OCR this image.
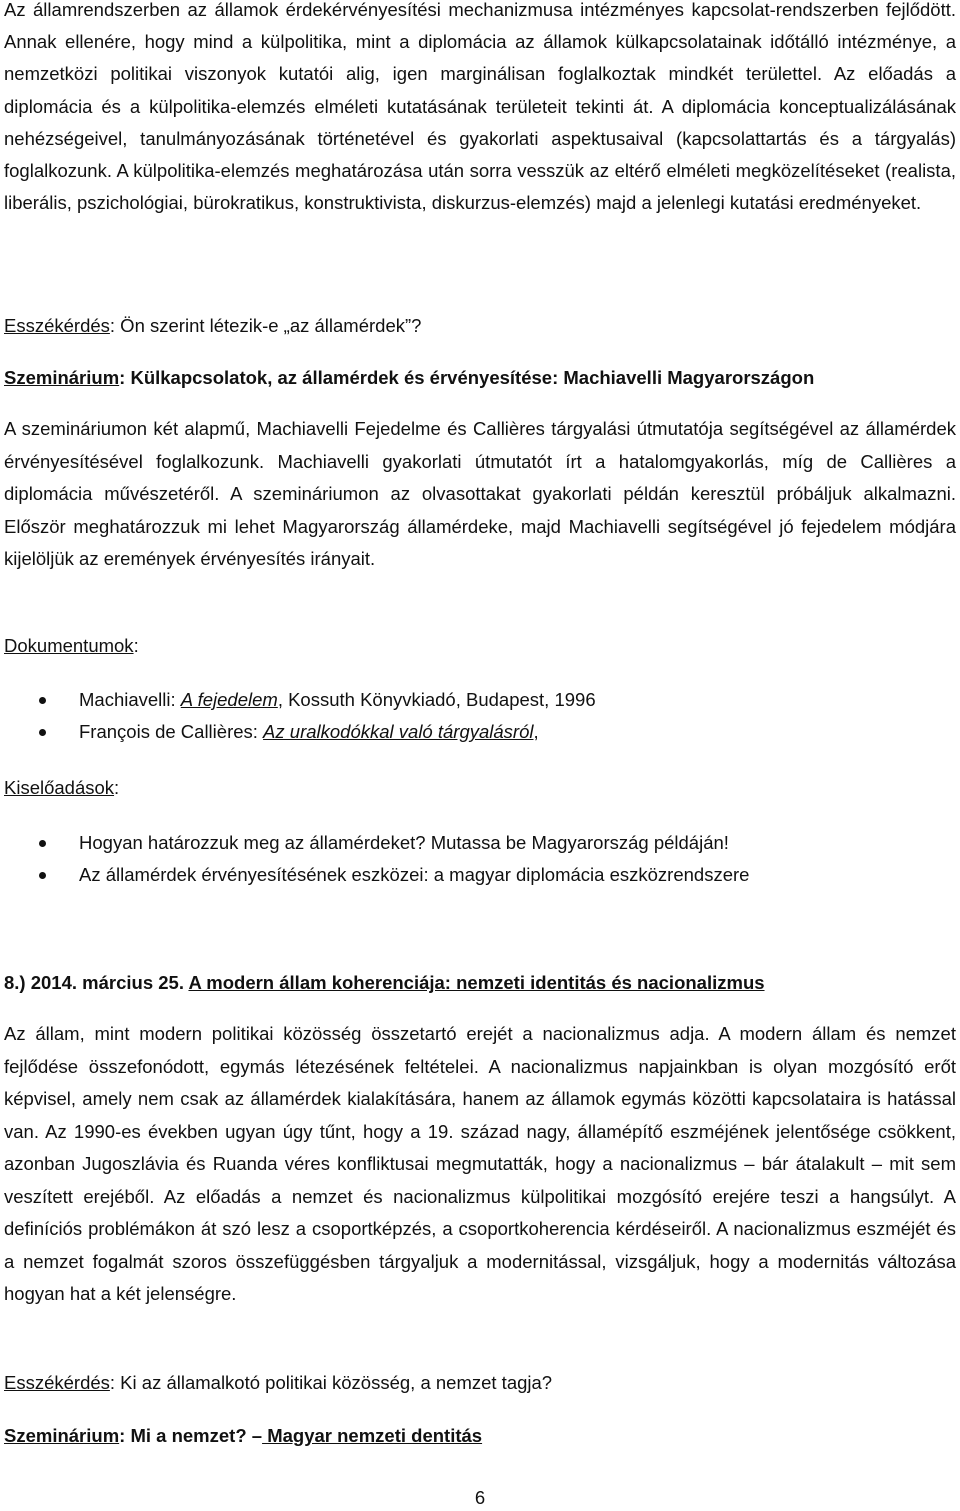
Az államrendszerben az államok érdekérvényesítési mechanizmusa intézményes kapcsolat-rendszerben fejlődött. Annak ellenére, hogy mind a külpolitika, mint a diplomácia az államok külkapcsolatainak időtálló intézménye, a nemzetközi politikai viszonyok kutatói alig, igen marginálisan foglalkoztak mindkét területtel. Az előadás a diplomácia és a külpolitika-elemzés elméleti kutatásának területeit tekinti át. A diplomácia konceptualizálásának nehézségeivel, tanulmányozásának történetével és gyakorlati aspektusaival (kapcsolattartás és a tárgyalás) foglalkozunk. A külpolitika-elemzés meghatározása után sorra vesszük az eltérő elméleti megközelítéseket (realista, liberális, pszichológiai, bürokratikus, konstruktivista, diskurzus-elemzés) majd a jelenlegi kutatási eredményeket.

Esszékérdés: Ön szerint létezik-e „az államérdek”?

Szeminárium: Külkapcsolatok, az államérdek és érvényesítése: Machiavelli Magyarországon

A szemináriumon két alapmű, Machiavelli Fejedelme és Callières tárgyalási útmutatója segítségével az államérdek érvényesítésével foglalkozunk. Machiavelli gyakorlati útmutatót írt a hatalomgyakorlás, míg de Callières a diplomácia művészetéről. A szemináriumon az olvasottakat gyakorlati példán keresztül próbáljuk alkalmazni. Először meghatározzuk mi lehet Magyarország államérdeke, majd Machiavelli segítségével jó fejedelem módjára kijelöljük az eremények érvényesítés irányait.

Dokumentumok:

Machiavelli: A fejedelem, Kossuth Könyvkiadó, Budapest, 1996
François de Callières: Az uralkodókkal való tárgyalásról,

Kiselőadások:

Hogyan határozzuk meg az államérdeket? Mutassa be Magyarország példáján!
Az államérdek érvényesítésének eszközei: a magyar diplomácia eszközrendszere

8.) 2014. március 25. A modern állam koherenciája: nemzeti identitás és nacionalizmus

Az állam, mint modern politikai közösség összetartó erejét a nacionalizmus adja. A modern állam és nemzet fejlődése összefonódott, egymás létezésének feltételei. A nacionalizmus napjainkban is olyan mozgósító erőt képvisel, amely nem csak az államérdek kialakítására, hanem az államok egymás közötti kapcsolataira is hatással van. Az 1990-es években ugyan úgy tűnt, hogy a 19. század nagy, államépítő eszméjének jelentősége csökkent, azonban Jugoszlávia és Ruanda véres konfliktusai megmutatták, hogy a nacionalizmus – bár átalakult – mit sem veszített erejéből. Az előadás a nemzet és nacionalizmus külpolitikai mozgósító erejére teszi a hangsúlyt. A definíciós problémákon át szó lesz a csoportképzés, a csoportkoherencia kérdéseiről. A nacionalizmus eszméjét és a nemzet fogalmát szoros összefüggésben tárgyaljuk a modernitással, vizsgáljuk, hogy a modernitás változása hogyan hat a két jelenségre.

Esszékérdés: Ki az államalkotó politikai közösség, a nemzet tagja?

Szeminárium: Mi a nemzet? – Magyar nemzeti dentitás

6
